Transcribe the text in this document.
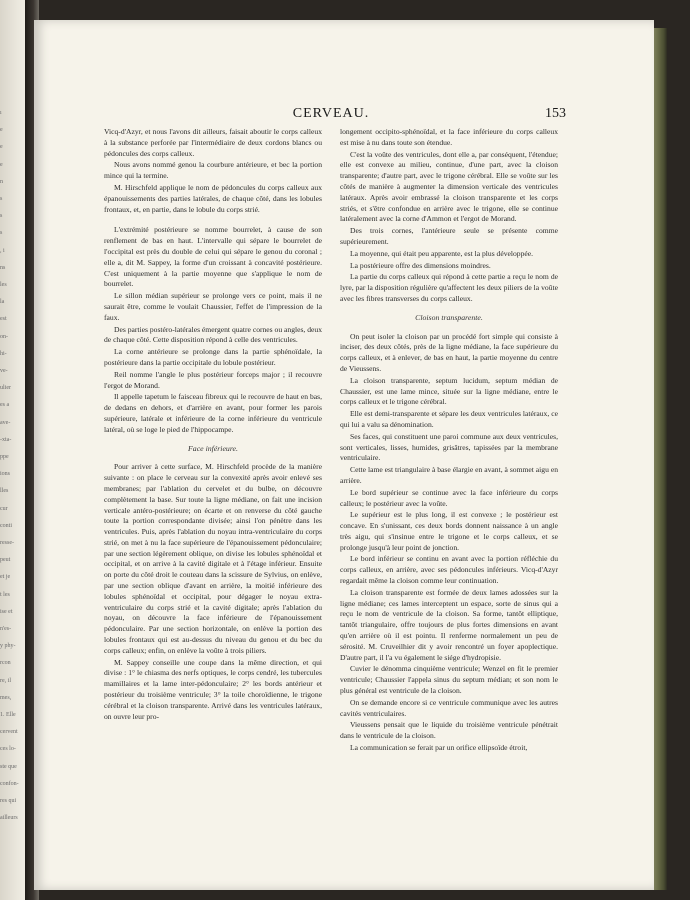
ı
e
e
e
n
s
s
s
, i
ns
les
la
est
on-
hi-
ve-
ulier
es a
ave-
-xta-
ppe
ions
lles
cur
conti
resse-
peut
et je
t les
ise et
n'es-
y phy-
rcon
re, il
mes,
1. Elle
cervent
ces lo-
ste que
confon-
res qui
ailleurs
CERVEAU.	153

Vicq-d'Azyr, et nous l'avons dit ailleurs, faisait aboutir le corps calleux à la substance perforée par l'intermédiaire de deux cordons blancs ou pédoncules des corps calleux.

Nous avons nommé genou la courbure antérieure, et bec la portion mince qui la termine.

M. Hirschfeld applique le nom de pédoncules du corps calleux aux épanouissements des parties latérales, de chaque côté, dans les lobules frontaux, et, en partie, dans le lobule du corps strié.

L'extrémité postérieure se nomme bourrelet, à cause de son renflement de bas en haut. L'intervalle qui sépare le bourrelet de l'occipital est près du double de celui qui sépare le genou du coronal ; elle a, dit M. Sappey, la forme d'un croissant à concavité postérieure. C'est uniquement à la partie moyenne que s'applique le nom de bourrelet.

Le sillon médian supérieur se prolonge vers ce point, mais il ne saurait être, comme le voulait Chaussier, l'effet de l'impression de la faux.

Des parties postéro-latérales émergent quatre cornes ou angles, deux de chaque côté. Cette disposition répond à celle des ventricules.

La corne antérieure se prolonge dans la partie sphénoïdale, la postérieure dans la partie occipitale du lobule postérieur.

Reil nomme l'angle le plus postérieur forceps major ; il recouvre l'ergot de Morand.

Il appelle tapetum le faisceau fibreux qui le recouvre de haut en bas, de dedans en dehors, et d'arrière en avant, pour former les parois supérieure, latérale et inférieure de la corne inférieure du ventricule latéral, où se loge le pied de l'hippocampe.

Face inférieure.

Pour arriver à cette surface, M. Hirschfeld procède de la manière suivante : on place le cerveau sur la convexité après avoir enlevé ses membranes; par l'ablation du cervelet et du bulbe, on découvre complètement la base. Sur toute la ligne médiane, on fait une incision verticale antéro-postérieure; on écarte et on renverse du côté gauche toute la portion correspondante divisée; ainsi l'on pénètre dans les ventricules. Puis, après l'ablation du noyau intra-ventriculaire du corps strié, on met à nu la face supérieure de l'épanouissement pédonculaire; par une section légèrement oblique, on divise les lobules sphénoïdal et occipital, et on arrive à la cavité digitale et à l'étage inférieur. Ensuite on porte du côté droit le couteau dans la scissure de Sylvius, on enlève, par une section oblique d'avant en arrière, la moitié inférieure des lobules sphénoïdal et occipital, pour dégager le noyau extra-ventriculaire du corps strié et la cavité digitale; après l'ablation du noyau, on découvre la face inférieure de l'épanouissement pédonculaire. Par une section horizontale, on enlève la portion des lobules frontaux qui est au-dessus du niveau du genou et du bec du corps calleux; enfin, on enlève la voûte à trois piliers.

M. Sappey conseille une coupe dans la même direction, et qui divise : 1° le chiasma des nerfs optiques, le corps cendré, les tubercules mamillaires et la lame inter-pédonculaire; 2° les bords antérieur et postérieur du troisième ventricule; 3° la toile choroïdienne, le trigone cérébral et la cloison transparente. Arrivé dans les ventricules latéraux, on ouvre leur pro-

longement occipito-sphénoïdal, et la face inférieure du corps calleux est mise à nu dans toute son étendue.

C'est la voûte des ventricules, dont elle a, par conséquent, l'étendue; elle est convexe au milieu, continue, d'une part, avec la cloison transparente; d'autre part, avec le trigone cérébral. Elle se voûte sur les côtés de manière à augmenter la dimension verticale des ventricules latéraux. Après avoir embrassé la cloison transparente et les corps striés, et s'être confondue en arrière avec le trigone, elle se continue latéralement avec la corne d'Ammon et l'ergot de Morand.

Des trois cornes, l'antérieure seule se présente comme supérieurement.

La moyenne, qui était peu apparente, est la plus développée.

La postérieure offre des dimensions moindres.

La partie du corps calleux qui répond à cette partie a reçu le nom de lyre, par la disposition régulière qu'affectent les deux piliers de la voûte avec les fibres transverses du corps calleux.

Cloison transparente.

On peut isoler la cloison par un procédé fort simple qui consiste à inciser, des deux côtés, près de la ligne médiane, la face supérieure du corps calleux, et à enlever, de bas en haut, la partie moyenne du centre de Vieussens.

La cloison transparente, septum lucidum, septum médian de Chaussier, est une lame mince, située sur la ligne médiane, entre le corps calleux et le trigone cérébral.

Elle est demi-transparente et sépare les deux ventricules latéraux, ce qui lui a valu sa dénomination.

Ses faces, qui constituent une paroi commune aux deux ventricules, sont verticales, lisses, humides, grisâtres, tapissées par la membrane ventriculaire.

Cette lame est triangulaire à base élargie en avant, à sommet aigu en arrière.

Le bord supérieur se continue avec la face inférieure du corps calleux; le postérieur avec la voûte.

Le supérieur est le plus long, il est convexe ; le postérieur est concave. En s'unissant, ces deux bords donnent naissance à un angle très aigu, qui s'insinue entre le trigone et le corps calleux, et se prolonge jusqu'à leur point de jonction.

Le bord inférieur se continu en avant avec la portion réfléchie du corps calleux, en arrière, avec ses pédoncules inférieurs. Vicq-d'Azyr regardait même la cloison comme leur continuation.

La cloison transparente est formée de deux lames adossées sur la ligne médiane; ces lames interceptent un espace, sorte de sinus qui a reçu le nom de ventricule de la cloison. Sa forme, tantôt elliptique, tantôt triangulaire, offre toujours de plus fortes dimensions en avant qu'en arrière où il est pointu. Il renferme normalement un peu de sérosité. M. Cruveilhier dit y avoir rencontré un foyer apoplectique. D'autre part, il l'a vu également le siége d'hydropisie.

Cuvier le dénomma cinquième ventricule; Wenzel en fit le premier ventricule; Chaussier l'appela sinus du septum médian; et son nom le plus général est ventricule de la cloison.

On se demande encore si ce ventricule communique avec les autres cavités ventriculaires.

Vieussens pensait que le liquide du troisième ventricule pénétrait dans le ventricule de la cloison.

La communication se ferait par un orifice ellipsoïde étroit,
